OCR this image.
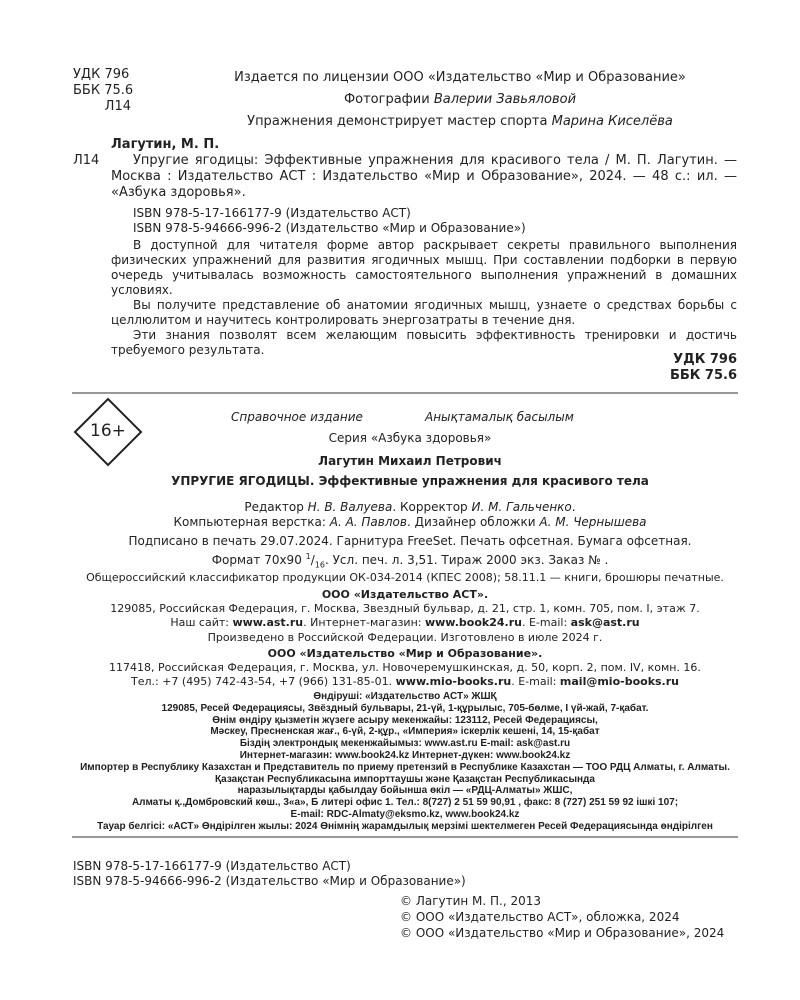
УДК 796
ББК 75.6
Л14
Издается по лицензии ООО «Издательство «Мир и Образование»
Фотографии Валерии Завьяловой
Упражнения демонстрирует мастер спорта Марина Киселёва
Лагутин, М. П.
Л14	Упругие ягодицы: Эффективные упражнения для красивого тела / М. П. Лагутин. — Москва : Издательство АСТ : Издательство «Мир и Образование», 2024. — 48 с.: ил. — «Азбука здоровья».

ISBN 978-5-17-166177-9 (Издательство АСТ)
ISBN 978-5-94666-996-2 (Издательство «Мир и Образование»)

В доступной для читателя форме автор раскрывает секреты правильного выполнения физических упражнений для развития ягодичных мышц. При составлении подборки в первую очередь учитывалась возможность самостоятельного выполнения упражнений в домашних условиях.

Вы получите представление об анатомии ягодичных мышц, узнаете о средствах борьбы с целлюлитом и научитесь контролировать энергозатраты в течение дня.

Эти знания позволят всем желающим повысить эффективность тренировки и достичь требуемого результата.

УДК 796
ББК 75.6
16+
Справочное издание	Анықтамалық басылым
Серия «Азбука здоровья»
Лагутин Михаил Петрович
УПРУГИЕ ЯГОДИЦЫ. Эффективные упражнения для красивого тела
Редактор Н. В. Валуева. Корректор И. М. Гальченко.
Компьютерная верстка: А. А. Павлов. Дизайнер обложки А. М. Чернышева
Подписано в печать 29.07.2024. Гарнитура FreeSet. Печать офсетная. Бумага офсетная.
Формат 70х90 $^1/_{16}$. Усл. печ. л. 3,51. Тираж 2000 экз. Заказ № .
Общероссийский классификатор продукции ОК-034-2014 (КПЕС 2008); 58.11.1 — книги, брошюры печатные.
ООО «Издательство АСТ».
129085, Российская Федерация, г. Москва, Звездный бульвар, д. 21, стр. 1, комн. 705, пом. I, этаж 7.
Наш сайт: www.ast.ru. Интернет-магазин: www.book24.ru. E-mail: ask@ast.ru
Произведено в Российской Федерации. Изготовлено в июле 2024 г.
ООО «Издательство «Мир и Образование».
117418, Российская Федерация, г. Москва, ул. Новочеремушкинская, д. 50, корп. 2, пом. IV, комн. 16.
Тел.: +7 (495) 742-43-54, +7 (966) 131-85-01. www.mio-books.ru. E-mail: mail@mio-books.ru
Өндіруші: «Издательство АСТ» ЖШҚ
129085, Ресей Федерациясы, Звёздный бульвары, 21-үй, 1-құрылыс, 705-бөлме, I үй-жай, 7-қабат.
Өнім өндіру қызметін жүзеге асыру мекенжайы: 123112, Ресей Федерациясы,
Мәскеу, Пресненская жағ., 6-үй, 2-құр., «Империя» іскерлік кешені, 14, 15-қабат
Біздің электрондық мекенжайымыз: www.ast.ru E-mail: ask@ast.ru
Интернет-магазин: www.book24.kz Интернет-дүкен: www.book24.kz
Импортер в Республику Казахстан и Представитель по приему претензий в Республике Казахстан — ТОО РДЦ Алматы, г. Алматы.
Қазақстан Республикасына импорттаушы және Қазақстан Республикасында
наразылықтарды қабылдау бойынша өкіл — «РДЦ-Алматы» ЖШС,
Алматы қ.,Домбровский көш., 3«а», Б литері офис 1. Тел.: 8(727) 2 51 59 90,91 , факс: 8 (727) 251 59 92 ішкі 107;
E-mail: RDC-Almaty@eksmo.kz, www.book24.kz
Тауар белгісі: «АСТ» Өндірілген жылы: 2024 Өнімнің жарамдылық мерзімі шектелмеген Ресей Федерациясында өндірілген
ISBN 978-5-17-166177-9 (Издательство АСТ)
ISBN 978-5-94666-996-2 (Издательство «Мир и Образование»)
© Лагутин М. П., 2013
© ООО «Издательство АСТ», обложка, 2024
© ООО «Издательство «Мир и Образование», 2024
